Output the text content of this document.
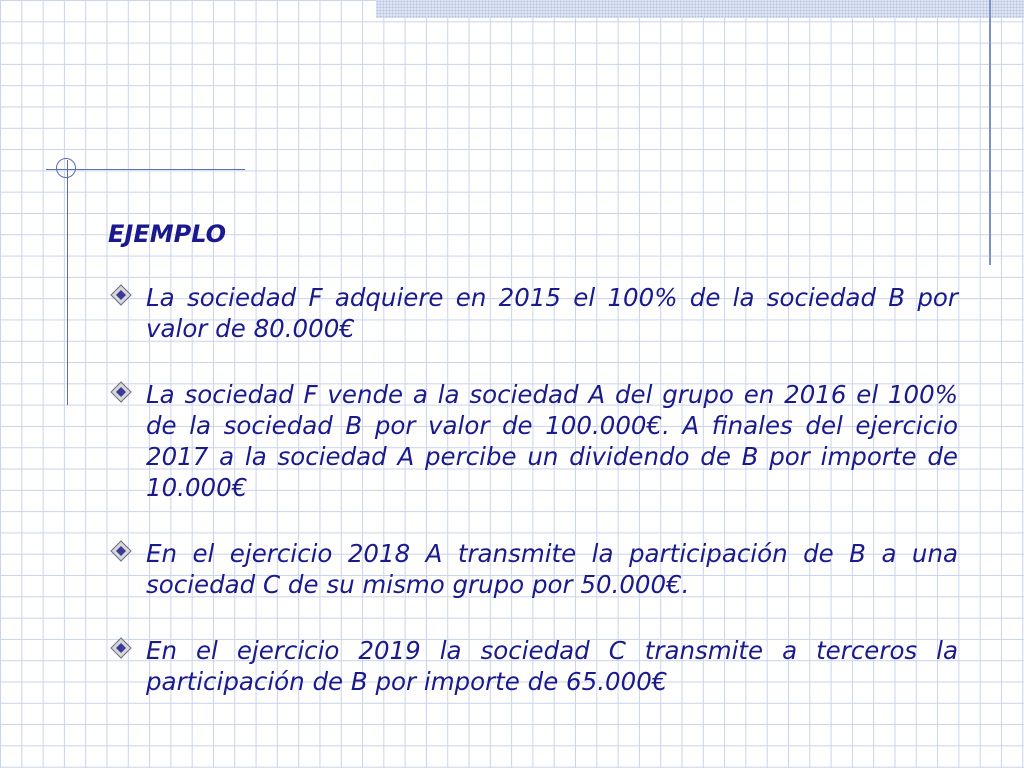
EJEMPLO
La sociedad F adquiere en 2015 el 100% de la sociedad B por valor de 80.000€
La sociedad F vende a la sociedad A del grupo en 2016 el 100% de la sociedad B por valor de 100.000€. A finales del ejercicio 2017 a la sociedad A percibe un dividendo de B por importe de 10.000€
En el ejercicio 2018 A transmite la participación de B a una sociedad C de su mismo grupo por 50.000€.
En el ejercicio 2019 la sociedad C transmite a terceros la participación de B por importe de 65.000€
